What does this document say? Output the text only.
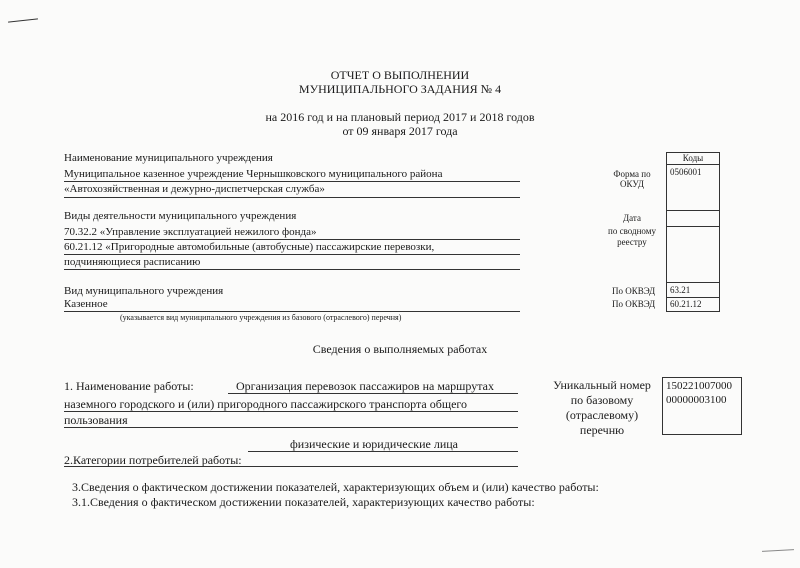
ОТЧЕТ О ВЫПОЛНЕНИИ
МУНИЦИПАЛЬНОГО ЗАДАНИЯ № 4
на 2016 год и на плановый период 2017 и 2018 годов
от 09 января 2017 года
Наименование муниципального учреждения
Муниципальное казенное учреждение Чернышковского муниципального района
«Автохозяйственная и дежурно-диспетчерская служба»
Виды деятельности муниципального учреждения
70.32.2 «Управление эксплуатацией нежилого фонда»
60.21.12 «Пригородные автомобильные (автобусные) пассажирские перевозки,
подчиняющиеся расписанию
Вид муниципального учреждения
Казенное
(указывается вид муниципального учреждения из базового (отраслевого) перечня)
Форма по
ОКУД
Дата
по сводному
реестру
По ОКВЭД
По ОКВЭД
Коды
0506001
63.21
60.21.12
Сведения о выполняемых работах
1. Наименование работы:	Организация перевозок пассажиров на маршрутах
наземного городского и (или) пригородного пассажирского транспорта общего
пользования
Уникальный номер
по базовому
(отраслевому)
перечню
150221007000
00000003100
физические и юридические лица
2.Категории потребителей работы:
3.Сведения о фактическом достижении показателей, характеризующих объем и (или) качество работы:
3.1.Сведения о фактическом достижении показателей, характеризующих качество работы:
